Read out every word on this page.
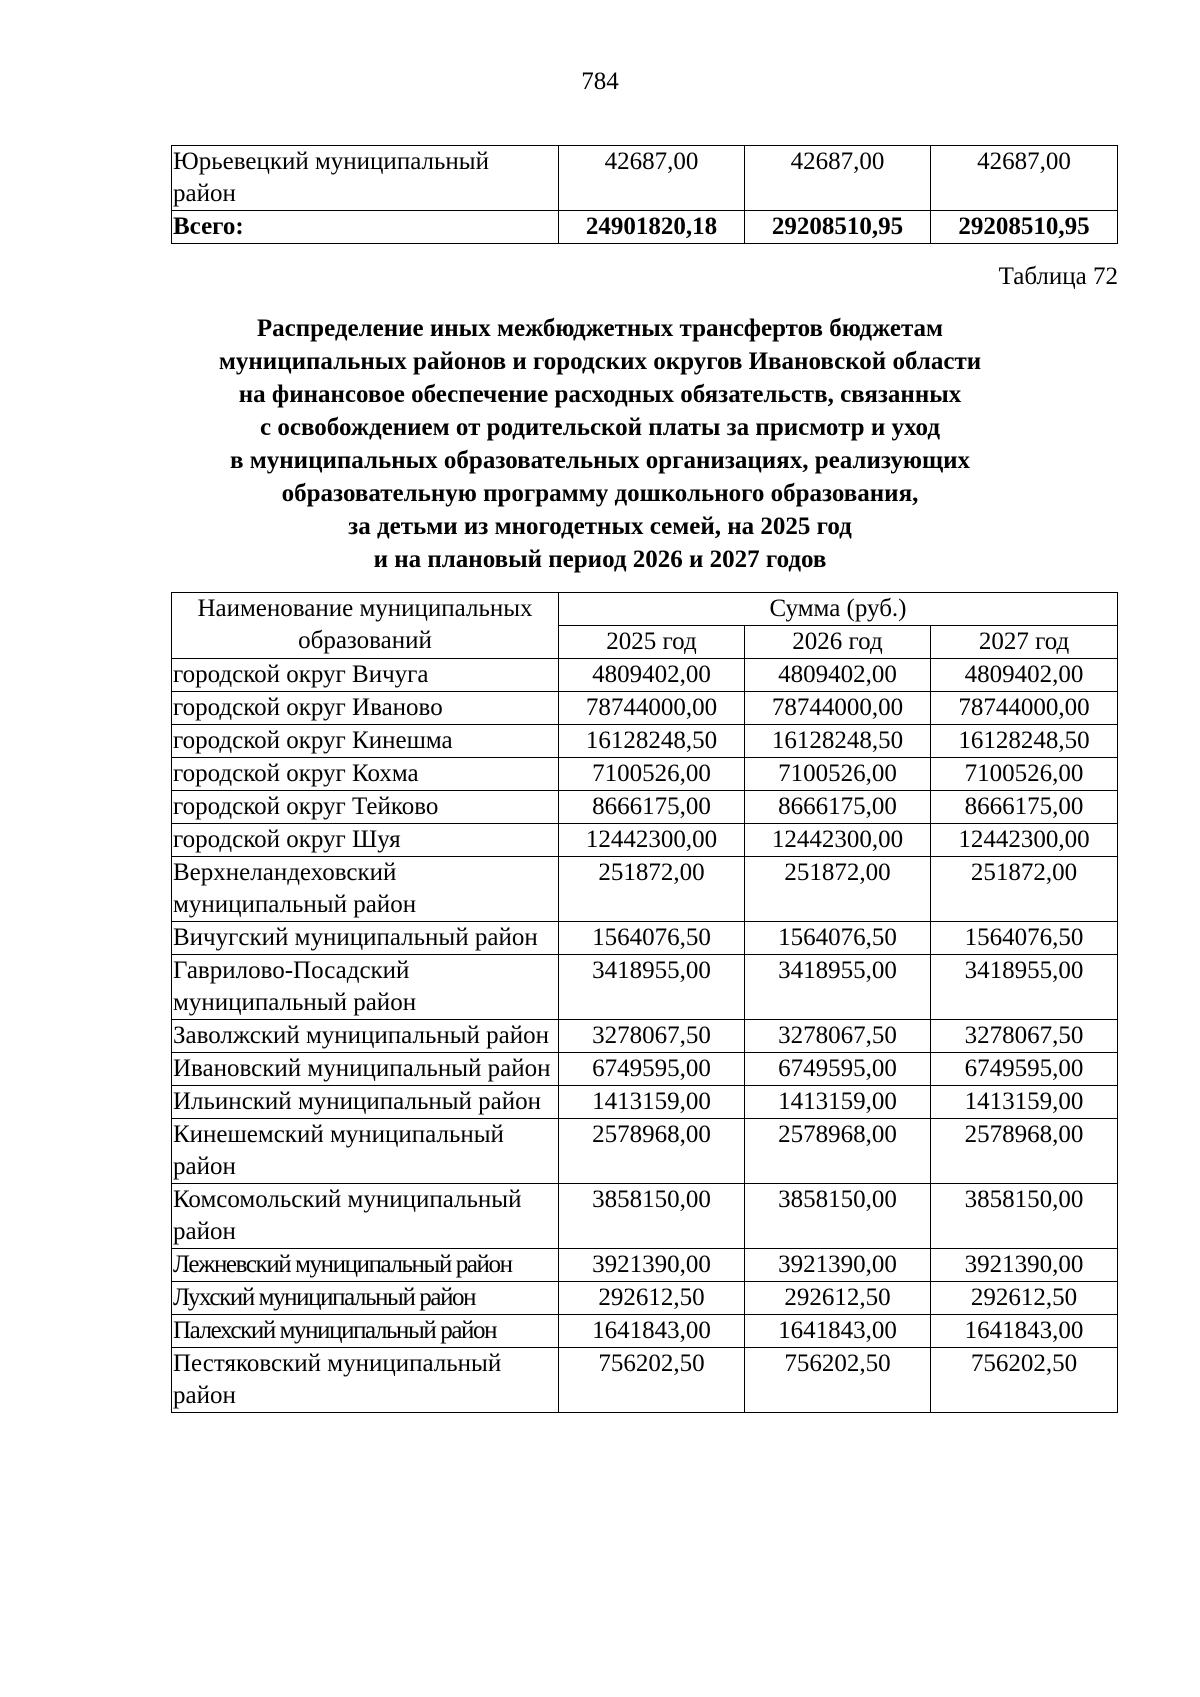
784
Юрьевецкий муниципальный район	42687,00	42687,00	42687,00
Всего:	24901820,18	29208510,95	29208510,95
Таблица 72
Распределение иных межбюджетных трансфертов бюджетам
муниципальных районов и городских округов Ивановской области
на финансовое обеспечение расходных обязательств, связанных
с освобождением от родительской платы за присмотр и уход
в муниципальных образовательных организациях, реализующих
образовательную программу дошкольного образования,
за детьми из многодетных семей, на 2025 год
и на плановый период 2026 и 2027 годов
Наименование муниципальных образований	Сумма (руб.)		
	2025 год	2026 год	2027 год
городской округ Вичуга	4809402,00	4809402,00	4809402,00
городской округ Иваново	78744000,00	78744000,00	78744000,00
городской округ Кинешма	16128248,50	16128248,50	16128248,50
городской округ Кохма	7100526,00	7100526,00	7100526,00
городской округ Тейково	8666175,00	8666175,00	8666175,00
городской округ Шуя	12442300,00	12442300,00	12442300,00
Верхнеландеховский муниципальный район	251872,00	251872,00	251872,00
Вичугский муниципальный район	1564076,50	1564076,50	1564076,50
Гаврилово-Посадский муниципальный район	3418955,00	3418955,00	3418955,00
Заволжский муниципальный район	3278067,50	3278067,50	3278067,50
Ивановский муниципальный район	6749595,00	6749595,00	6749595,00
Ильинский муниципальный район	1413159,00	1413159,00	1413159,00
Кинешемский муниципальный район	2578968,00	2578968,00	2578968,00
Комсомольский муниципальный район	3858150,00	3858150,00	3858150,00
Лежневский муниципальный район	3921390,00	3921390,00	3921390,00
Лухский муниципальный район	292612,50	292612,50	292612,50
Палехский муниципальный район	1641843,00	1641843,00	1641843,00
Пестяковский муниципальный район	756202,50	756202,50	756202,50
